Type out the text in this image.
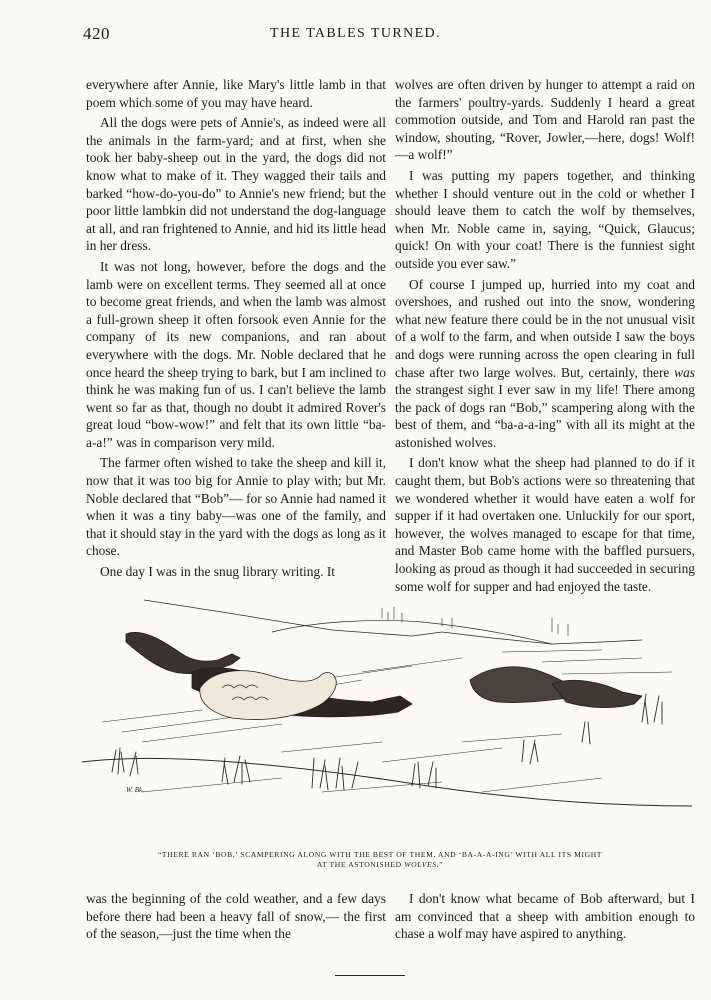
420	THE TABLES TURNED.

everywhere after Annie, like Mary's little lamb in that poem which some of you may have heard.

All the dogs were pets of Annie's, as indeed were all the animals in the farm-yard; and at first, when she took her baby-sheep out in the yard, the dogs did not know what to make of it. They wagged their tails and barked “how-do-you-do” to Annie's new friend; but the poor little lambkin did not understand the dog-language at all, and ran frightened to Annie, and hid its little head in her dress.

It was not long, however, before the dogs and the lamb were on excellent terms. They seemed all at once to become great friends, and when the lamb was almost a full-grown sheep it often forsook even Annie for the company of its new companions, and ran about everywhere with the dogs. Mr. Noble declared that he once heard the sheep trying to bark, but I am inclined to think he was making fun of us. I can't believe the lamb went so far as that, though no doubt it admired Rover's great loud “bow-wow!” and felt that its own little “ba-a-a!” was in comparison very mild.

The farmer often wished to take the sheep and kill it, now that it was too big for Annie to play with; but Mr. Noble declared that “Bob”— for so Annie had named it when it was a tiny baby—was one of the family, and that it should stay in the yard with the dogs as long as it chose.

One day I was in the snug library writing. It

wolves are often driven by hunger to attempt a raid on the farmers' poultry-yards. Suddenly I heard a great commotion outside, and Tom and Harold ran past the window, shouting, “Rover, Jowler,—here, dogs! Wolf!—a wolf!”

I was putting my papers together, and thinking whether I should venture out in the cold or whether I should leave them to catch the wolf by themselves, when Mr. Noble came in, saying, “Quick, Glaucus; quick! On with your coat! There is the funniest sight outside you ever saw.”

Of course I jumped up, hurried into my coat and overshoes, and rushed out into the snow, wondering what new feature there could be in the not unusual visit of a wolf to the farm, and when outside I saw the boys and dogs were running across the open clearing in full chase after two large wolves. But, certainly, there was the strangest sight I ever saw in my life! There among the pack of dogs ran “Bob,” scampering along with the best of them, and “ba-a-a-ing” with all its might at the astonished wolves.

I don't know what the sheep had planned to do if it caught them, but Bob's actions were so threatening that we wondered whether it would have eaten a wolf for supper if it had overtaken one. Unluckily for our sport, however, the wolves managed to escape for that time, and Master Bob came home with the baffled pursuers, looking as proud as though it had succeeded in securing some wolf for supper and had enjoyed the taste.

W. Bk.
“THERE RAN ‘BOB,’ SCAMPERING ALONG WITH THE BEST OF THEM, AND ‘BA-A-A-ING’ WITH ALL ITS MIGHT
AT THE ASTONISHED WOLVES.”

was the beginning of the cold weather, and a few days before there had been a heavy fall of snow,— the first of the season,—just the time when the

I don't know what became of Bob afterward, but I am convinced that a sheep with ambition enough to chase a wolf may have aspired to anything.
